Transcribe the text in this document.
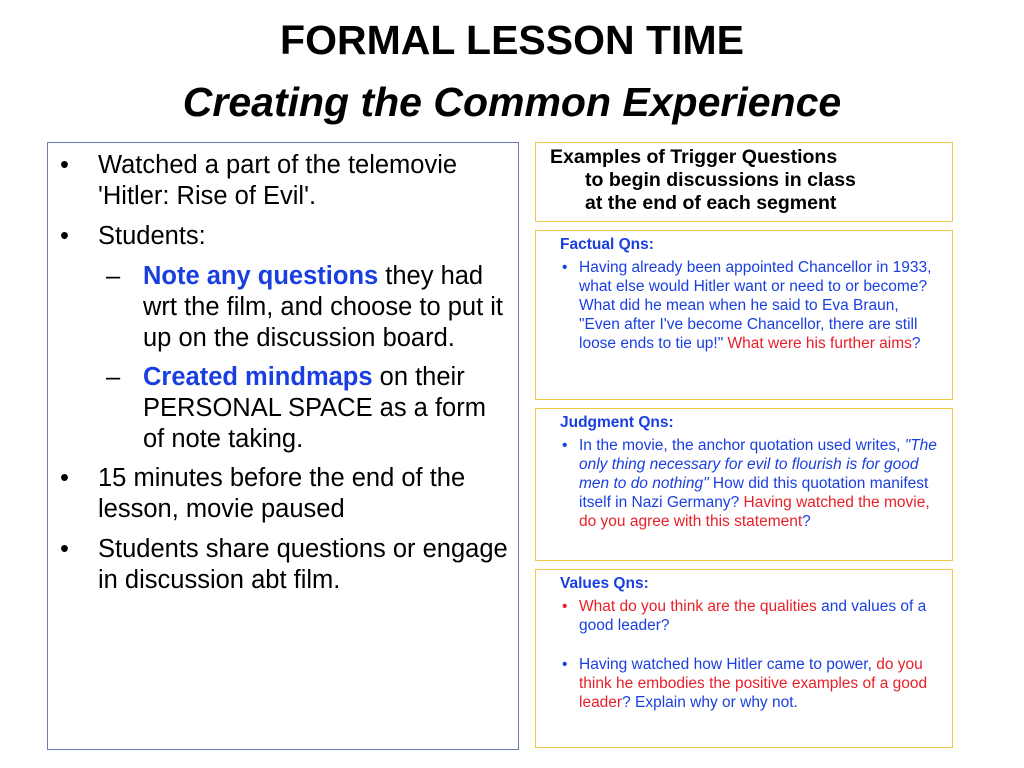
FORMAL LESSON TIME
Creating the Common Experience
• Watched a part of the telemovie 'Hitler: Rise of Evil'.
• Students:
– Note any questions they had wrt the film, and choose to put it up on the discussion board.
– Created mindmaps on their PERSONAL SPACE as a form of note taking.
• 15 minutes before the end of the lesson, movie paused
• Students share questions or engage in discussion abt film.
Examples of Trigger Questions
to begin discussions in class
at the end of each segment
Factual Qns:
• Having already been appointed Chancellor in 1933, what else would Hitler want or need to or become? What did he mean when he said to Eva Braun, "Even after I've become Chancellor, there are still loose ends to tie up!" What were his further aims?
Judgment Qns:
• In the movie, the anchor quotation used writes, "The only thing necessary for evil to flourish is for good men to do nothing" How did this quotation manifest itself in Nazi Germany? Having watched the movie, do you agree with this statement?
Values Qns:
• What do you think are the qualities and values of a good leader?
• Having watched how Hitler came to power, do you think he embodies the positive examples of a good leader? Explain why or why not.
